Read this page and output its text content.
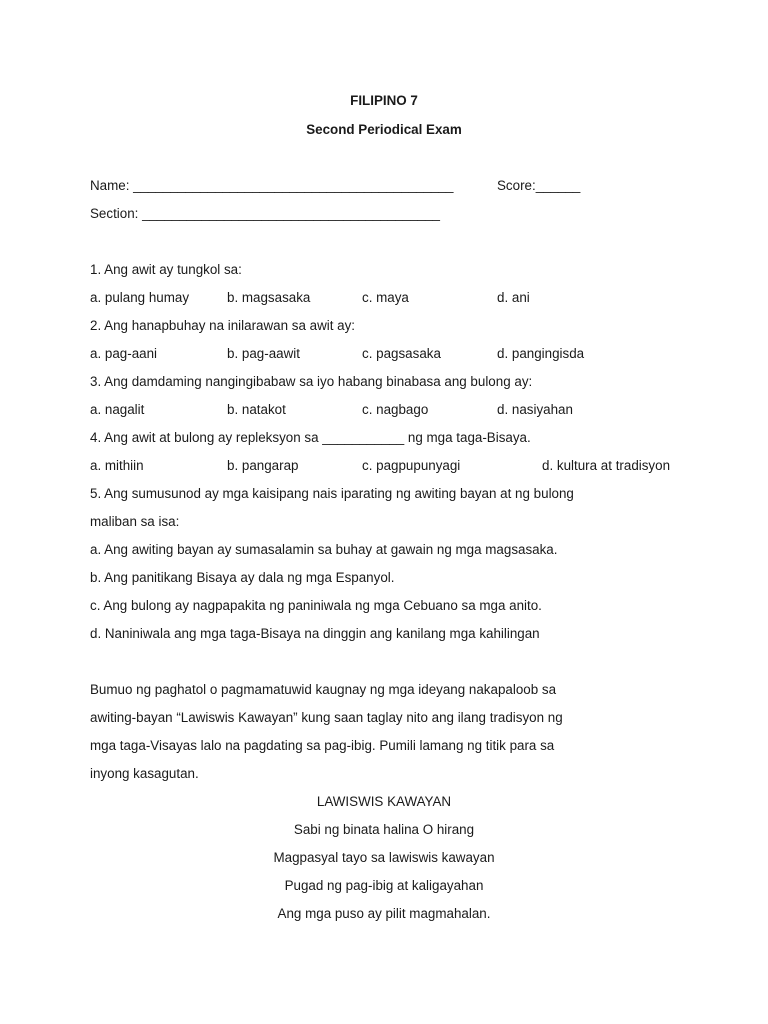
FILIPINO 7
Second Periodical Exam
Name: ___________________________________________	Score:______
Section: ________________________________________
1. Ang awit ay tungkol sa:
a. pulang humay	b. magsasaka	c. maya	d. ani
2. Ang hanapbuhay na inilarawan sa awit ay:
a. pag-aani	b. pag-aawit	c. pagsasaka	d. pangingisda
3. Ang damdaming nangingibabaw sa iyo habang binabasa ang bulong ay:
a. nagalit	b. natakot	c. nagbago	d. nasiyahan
4. Ang awit at bulong ay repleksyon sa ___________ ng mga taga-Bisaya.
a. mithiin	b. pangarap	c. pagpupunyagi	d. kultura at tradisyon
5. Ang sumusunod ay mga kaisipang nais iparating ng awiting bayan at ng bulong
maliban sa isa:
a. Ang awiting bayan ay sumasalamin sa buhay at gawain ng mga magsasaka.
b. Ang panitikang Bisaya ay dala ng mga Espanyol.
c. Ang bulong ay nagpapakita ng paniniwala ng mga Cebuano sa mga anito.
d. Naniniwala ang mga taga-Bisaya na dinggin ang kanilang mga kahilingan
Bumuo ng paghatol o pagmamatuwid kaugnay ng mga ideyang nakapaloob sa
awiting-bayan “Lawiswis Kawayan” kung saan taglay nito ang ilang tradisyon ng
mga taga-Visayas lalo na pagdating sa pag-ibig. Pumili lamang ng titik para sa
inyong kasagutan.
LAWISWIS KAWAYAN
Sabi ng binata halina O hirang
Magpasyal tayo sa lawiswis kawayan
Pugad ng pag-ibig at kaligayahan
Ang mga puso ay pilit magmahalan.
